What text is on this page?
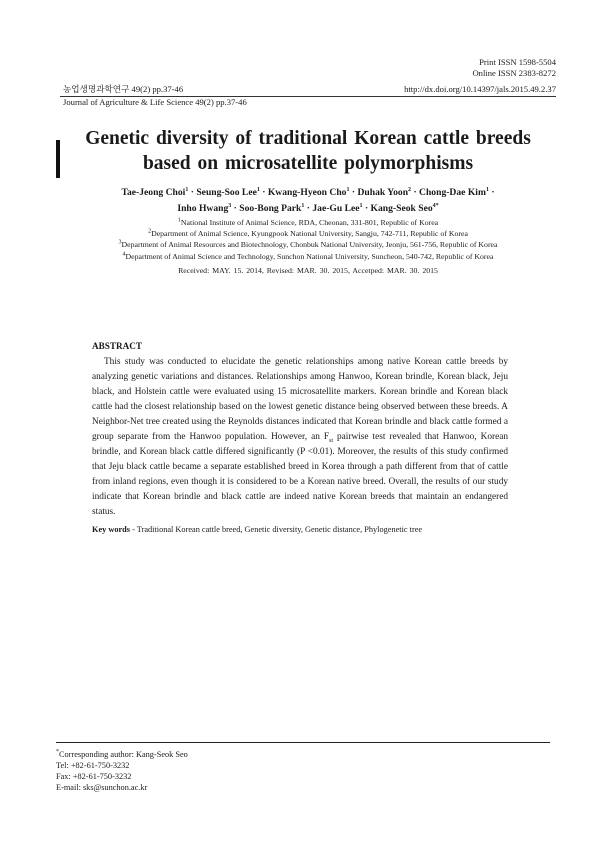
Print ISSN 1598-5504
Online ISSN 2383-8272
농업생명과학연구 49(2) pp.37-46	http://dx.doi.org/10.14397/jals.2015.49.2.37
Journal of Agriculture & Life Science 49(2) pp.37-46
Genetic diversity of traditional Korean cattle breeds
based on microsatellite polymorphisms
Tae-Jeong Choi$^1$ · Seung-Soo Lee$^1$ · Kwang-Hyeon Cho$^1$ · Duhak Yoon$^2$ · Chong-Dae Kim$^1$ ·
Inho Hwang$^3$ · Soo-Bong Park$^1$ · Jae-Gu Lee$^1$ · Kang-Seok Seo$^{4*}$
$^1$National Institute of Animal Science, RDA, Cheonan, 331-801, Republic of Korea
$^2$Department of Animal Science, Kyungpook National University, Sangju, 742-711, Republic of Korea
$^3$Department of Animal Resources and Biotechnology, Chonbuk National University, Jeonju, 561-756, Republic of Korea
$^4$Department of Animal Science and Technology, Sunchon National University, Suncheon, 540-742, Republic of Korea
Received: MAY. 15. 2014, Revised: MAR. 30. 2015, Accetped: MAR. 30. 2015
ABSTRACT

This study was conducted to elucidate the genetic relationships among native Korean cattle breeds by analyzing genetic variations and distances. Relationships among Hanwoo, Korean brindle, Korean black, Jeju black, and Holstein cattle were evaluated using 15 microsatellite markers. Korean brindle and Korean black cattle had the closest relationship based on the lowest genetic distance being observed between these breeds. A Neighbor-Net tree created using the Reynolds distances indicated that Korean brindle and black cattle formed a group separate from the Hanwoo population. However, an $F_{st}$ pairwise test revealed that Hanwoo, Korean brindle, and Korean black cattle differed significantly (P <0.01). Moreover, the results of this study confirmed that Jeju black cattle became a separate established breed in Korea through a path different from that of cattle from inland regions, even though it is considered to be a Korean native breed. Overall, the results of our study indicate that Korean brindle and black cattle are indeed native Korean breeds that maintain an endangered status.

Key words - Traditional Korean cattle breed, Genetic diversity, Genetic distance, Phylogenetic tree
*Corresponding author: Kang-Seok Seo
Tel: +82-61-750-3232
Fax: +82-61-750-3232
E-mail: sks@sunchon.ac.kr
